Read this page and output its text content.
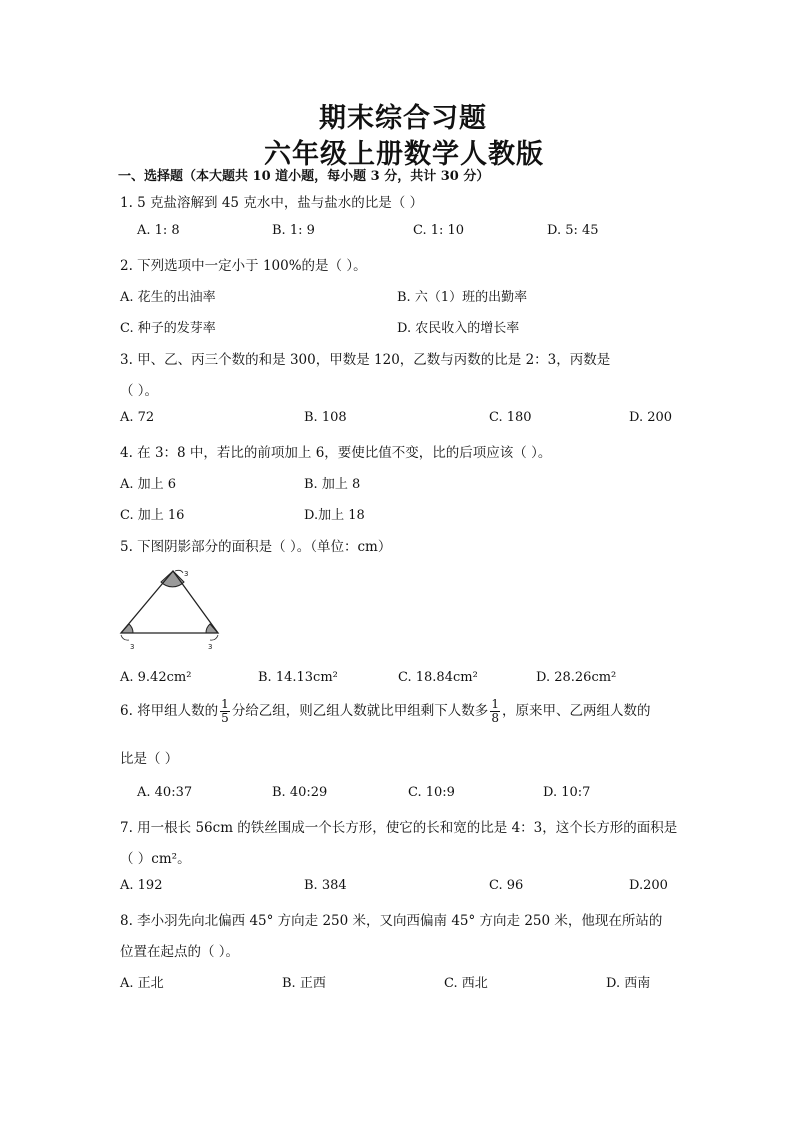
期末综合习题
六年级上册数学人教版
一、选择题（本大题共 10 道小题，每小题 3 分，共计 30 分）
1. 5 克盐溶解到 45 克水中，盐与盐水的比是（ ）
A. 1: 8	B. 1: 9	C. 1: 10	D. 5: 45
2. 下列选项中一定小于 100%的是（ ）。
A. 花生的出油率	B. 六（1）班的出勤率
C. 种子的发芽率	D. 农民收入的增长率
3. 甲、乙、丙三个数的和是 300，甲数是 120，乙数与丙数的比是 2：3，丙数是
（ ）。
A. 72	B. 108	C. 180	D. 200
4. 在 3：8 中，若比的前项加上 6，要使比值不变，比的后项应该（ ）。
A. 加上 6	B. 加上 8
C. 加上 16	D.加上 18
5. 下图阴影部分的面积是（ ）。（单位：cm）
3
3	3
A. 9.42cm²	B. 14.13cm²	C. 18.84cm²	D. 28.26cm²
6. 将甲组人数的 $\frac{1}{5}$ 分给乙组，则乙组人数就比甲组剩下人数多 $\frac{1}{8}$ ，原来甲、乙两组人数的
比是（ ）
A. 40:37	B. 40:29	C. 10:9	D. 10:7
7. 用一根长 56cm 的铁丝围成一个长方形，使它的长和宽的比是 4：3，这个长方形的面积是
（ ）cm²。
A. 192	B. 384	C. 96	D.200
8. 李小羽先向北偏西 45° 方向走 250 米，又向西偏南 45° 方向走 250 米，他现在所站的
位置在起点的（ ）。
A. 正北	B. 正西	C. 西北	D. 西南
